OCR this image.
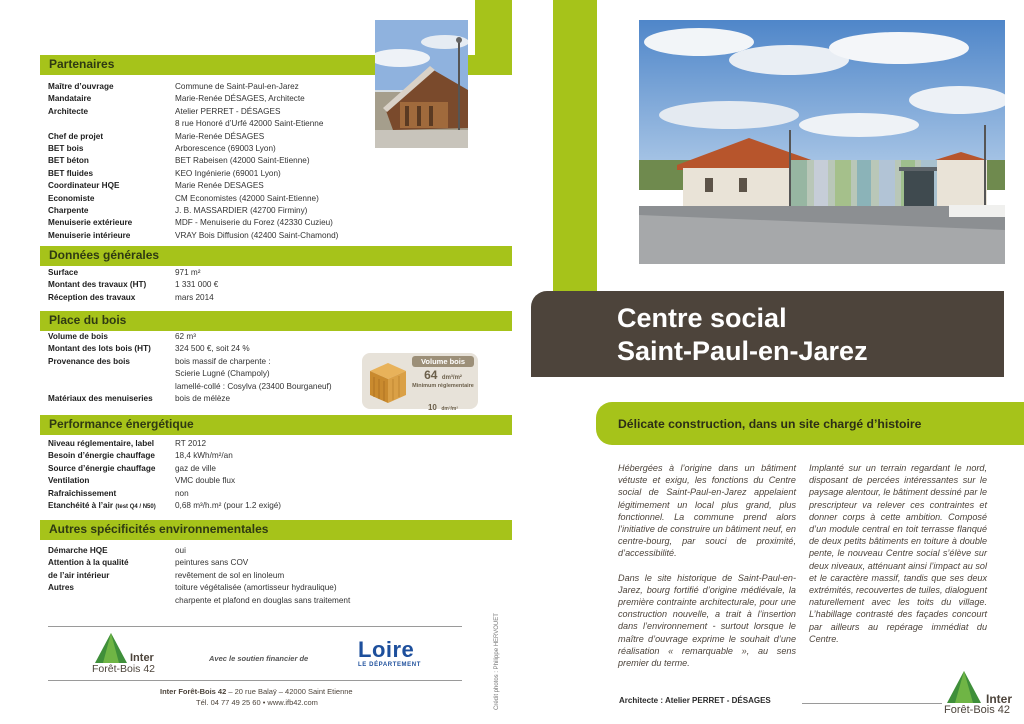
Partenaires
Maître d’ouvrage	Commune de Saint-Paul-en-Jarez
Mandataire	Marie-Renée DÉSAGES, Architecte
Architecte	Atelier PERRET - DÉSAGES
8 rue Honoré d’Urfé 42000 Saint-Etienne
Chef de projet	Marie-Renée DÉSAGES
BET bois	Arborescence (69003 Lyon)
BET béton	BET Rabeisen (42000 Saint-Etienne)
BET fluides	KEO Ingénierie (69001 Lyon)
Coordinateur HQE	Marie Renée DESAGES
Economiste	CM Economistes (42000 Saint-Etienne)
Charpente	J. B. MASSARDIER (42700 Firminy)
Menuiserie extérieure	MDF - Menuiserie du Forez (42330 Cuzieu)
Menuiserie intérieure	VRAY Bois Diffusion (42400 Saint-Chamond)
Données générales
Surface	971 m²
Montant des travaux (HT)	1 331 000 €
Réception des travaux	mars 2014
Place du bois
Volume de bois	62 m³
Montant des lots bois (HT)	324 500 €, soit 24 %
Provenance des bois	bois massif de charpente :
Scierie Lugné (Champoly)
lamellé-collé : Cosylva (23400 Bourganeuf)
Matériaux des menuiseries	bois de mélèze
Volume bois
64 dm³/m²
Minimum réglementaire
10 dm³/m²
Performance énergétique
Niveau réglementaire, label	RT 2012
Besoin d’énergie chauffage	18,4 kWh/m²/an
Source d’énergie chauffage	gaz de ville
Ventilation	VMC double flux
Rafraîchissement	non
Etanchéité à l’air (test Q4 / N50)	0,68 m³/h.m² (pour 1.2 exigé)
Autres spécificités environnementales
Démarche HQE	oui
Attention à la qualité	peintures sans COV
de l’air intérieur	revêtement de sol en linoleum
Autres	toiture végétalisée (amortisseur hydraulique)
charpente et plafond en douglas sans traitement
Inter
Forêt-Bois 42
Avec le soutien financier de Loire
LE DÉPARTEMENT
Inter Forêt-Bois 42 – 20 rue Balaÿ – 42000 Saint Etienne
Tél. 04 77 49 25 60 • www.ifb42.com	Crédit photos : Philippe HERVOUET
Centre social
Saint-Paul-en-Jarez
Délicate construction, dans un site chargé d’histoire

Hébergées à l’origine dans un bâtiment vétuste et exigu, les fonctions du Centre social de Saint-Paul-en-Jarez appelaient légitimement un local plus grand, plus fonctionnel. La commune prend alors l’initiative de construire un bâtiment neuf, en centre-bourg, par souci de proximité, d’accessibilité.

Dans le site historique de Saint-Paul-en-Jarez, bourg fortifié d’origine médiévale, la première contrainte architecturale, pour une construction nouvelle, a trait à l’insertion dans l’environnement - surtout lorsque le maître d’ouvrage exprime le souhait d’une réalisation « remarquable », au sens premier du terme.

Implanté sur un terrain regardant le nord, disposant de percées intéressantes sur le paysage alentour, le bâtiment dessiné par le prescripteur va relever ces contraintes et donner corps à cette ambition. Composé d’un module central en toit terrasse flanqué de deux petits bâtiments en toiture à double pente, le nouveau Centre social s’élève sur deux niveaux, atténuant ainsi l’impact au sol et le caractère massif, tandis que ses deux extrémités, recouvertes de tuiles, dialoguent naturellement avec les toits du village. L’habillage contrasté des façades concourt par ailleurs au repérage immédiat du Centre.

Architecte : Atelier PERRET - DÉSAGES	Inter
Forêt-Bois 42
